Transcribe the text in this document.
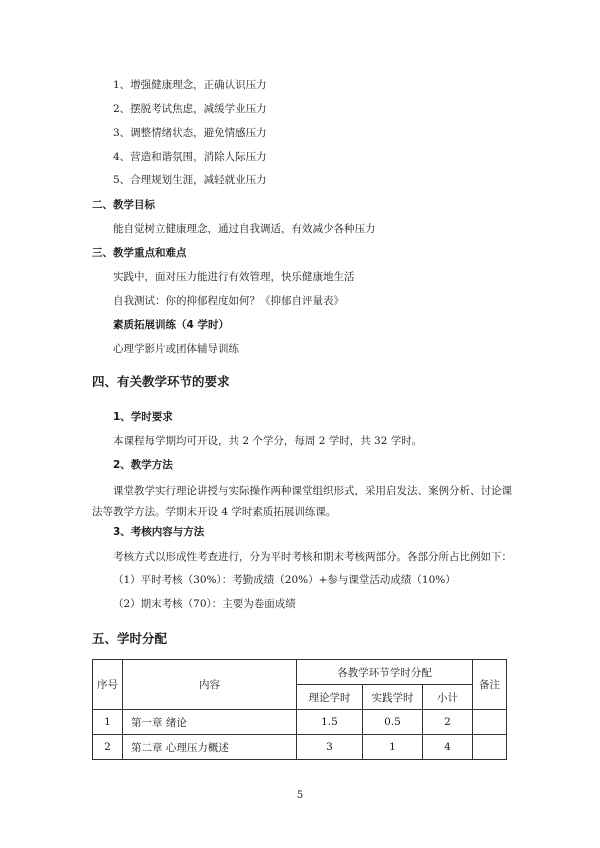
1、增强健康理念，正确认识压力
2、摆脱考试焦虑，减缓学业压力
3、调整情绪状态，避免情感压力
4、营造和谐氛围，消除人际压力
5、合理规划生涯，减轻就业压力
二、教学目标
能自觉树立健康理念，通过自我调适，有效减少各种压力
三、教学重点和难点
实践中，面对压力能进行有效管理，快乐健康地生活
自我测试：你的抑郁程度如何？《抑郁自评量表》
素质拓展训练（4 学时）
心理学影片或团体辅导训练
四、有关教学环节的要求
1、学时要求
本课程每学期均可开设，共 2 个学分，每周 2 学时，共 32 学时。
2、教学方法
课堂教学实行理论讲授与实际操作两种课堂组织形式，采用启发法、案例分析、讨论课
法等教学方法。学期末开设 4 学时素质拓展训练课。
3、考核内容与方法
考核方式以形成性考查进行，分为平时考核和期末考核两部分。各部分所占比例如下：
（1）平时考核（30%）：考勤成绩（20%）+参与课堂活动成绩（10%）
（2）期末考核（70）：主要为卷面成绩
五、学时分配
序号	内容	各教学环节学时分配			备注
		理论学时	实践学时	小计	
1	第一章 绪论	1.5	0.5	2	
2	第二章 心理压力概述	3	1	4	
5
